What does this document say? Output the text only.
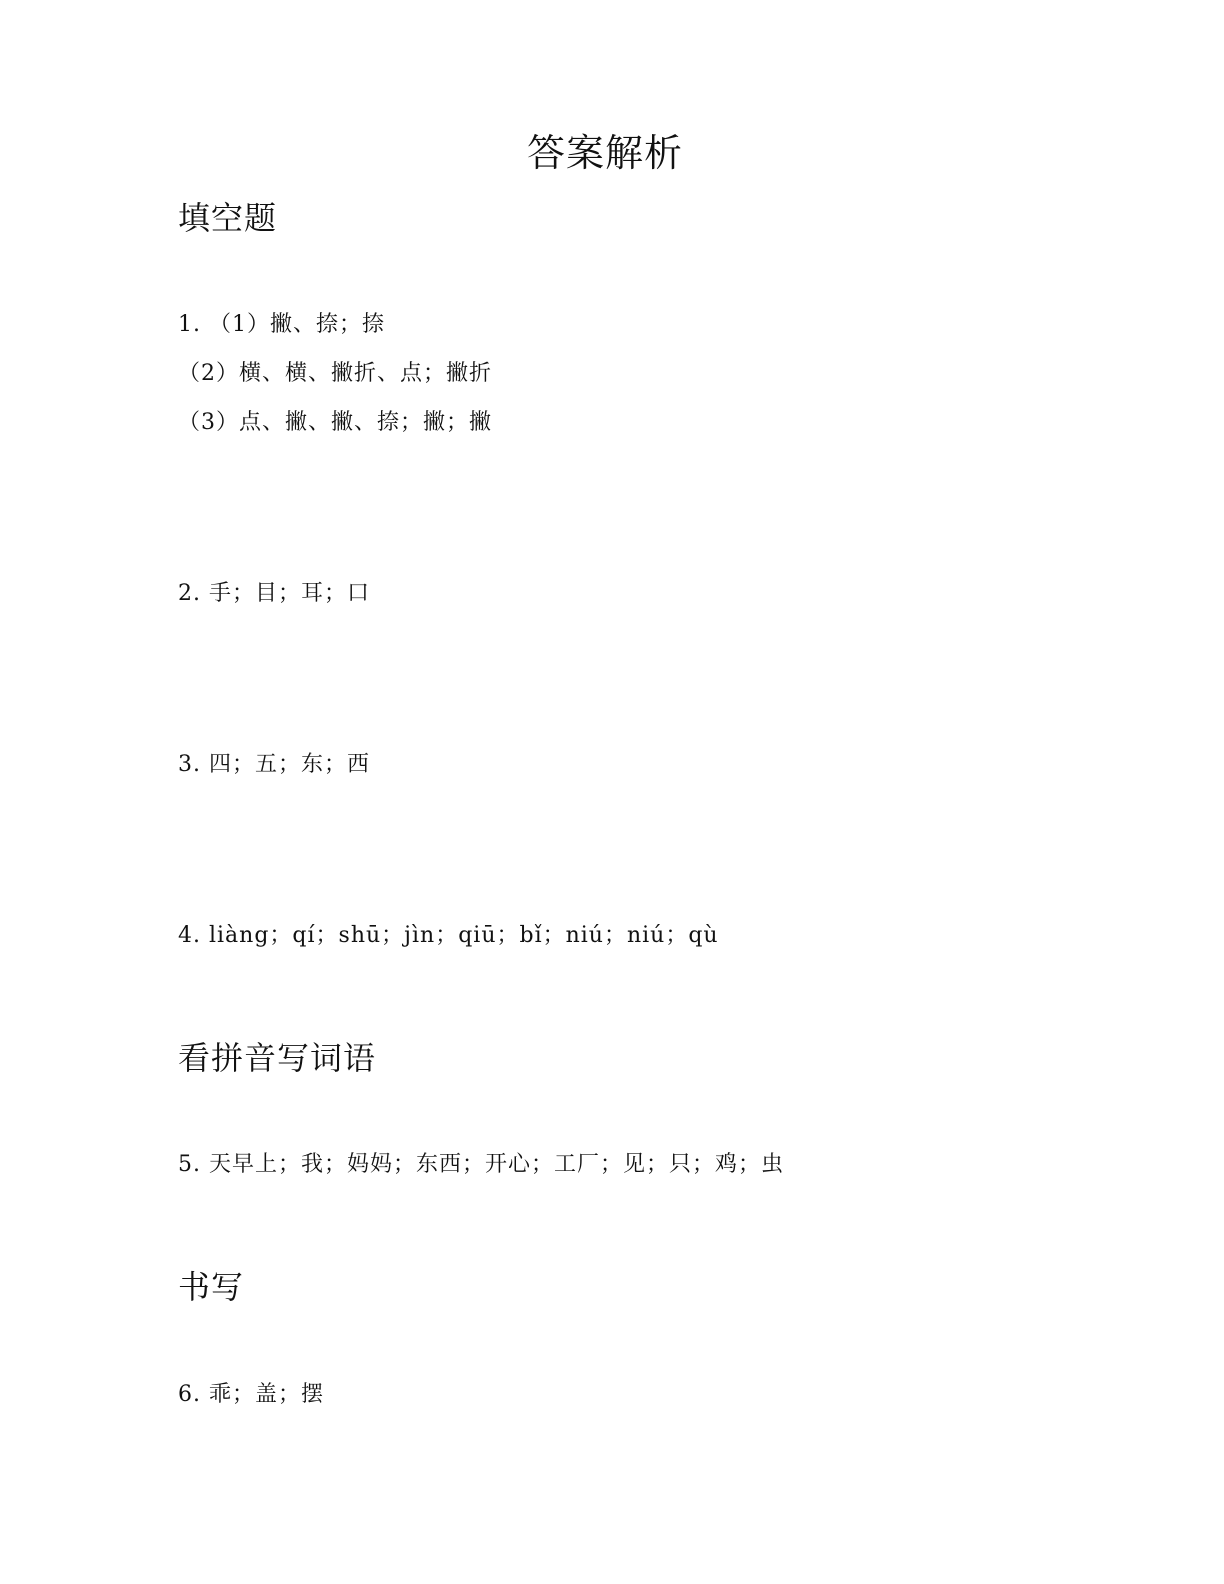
答案解析
填空题
1. （1）撇、捺；捺
（2）横、横、撇折、点；撇折
（3）点、撇、撇、捺；撇；撇
2. 手；目；耳；口
3. 四；五；东；西
4. liàng；qí；shū；jìn；qiū；bǐ；niú；niú；qù
看拼音写词语
5. 天早上；我；妈妈；东西；开心；工厂；见；只；鸡；虫
书写
6. 乖；盖；摆
